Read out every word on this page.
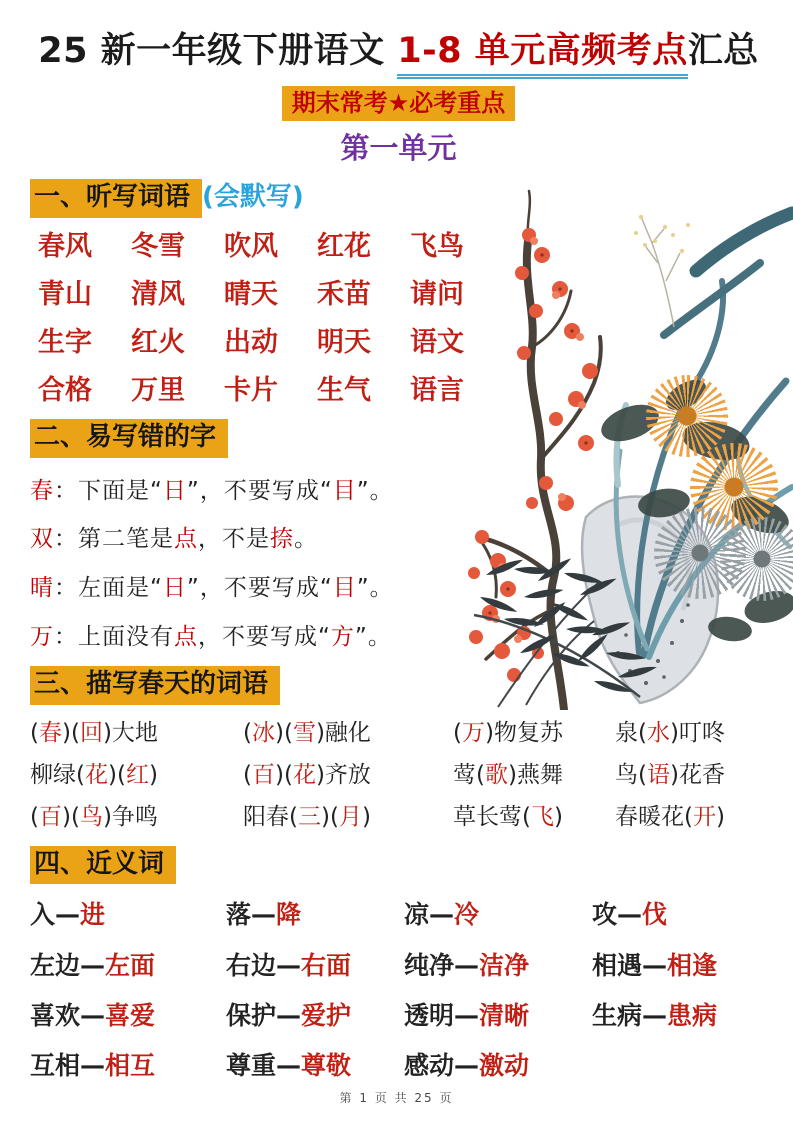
25 新一年级下册语文 1-8 单元高频考点汇总
期末常考★必考重点
第一单元
一、听写词语 (会默写)
春风	冬雪	吹风	红花	飞鸟
青山	清风	晴天	禾苗	请问
生字	红火	出动	明天	语文
合格	万里	卡片	生气	语言
二、易写错的字
春：下面是“日”，不要写成“目”。
双：第二笔是点，不是捺。
晴：左面是“日”，不要写成“目”。
万：上面没有点，不要写成“方”。
三、描写春天的词语
(春)(回)大地	(冰)(雪)融化	(万)物复苏	泉(水)叮咚
柳绿(花)(红)	(百)(花)齐放	莺(歌)燕舞	鸟(语)花香
(百)(鸟)争鸣	阳春(三)(月)	草长莺(飞)	春暖花(开)
四、近义词
入—进	落—降	凉—冷	攻—伐
左边—左面	右边—右面	纯净—洁净	相遇—相逢
喜欢—喜爱	保护—爱护	透明—清晰	生病—患病
互相—相互	尊重—尊敬	感动—激动
第 1 页 共 25 页
